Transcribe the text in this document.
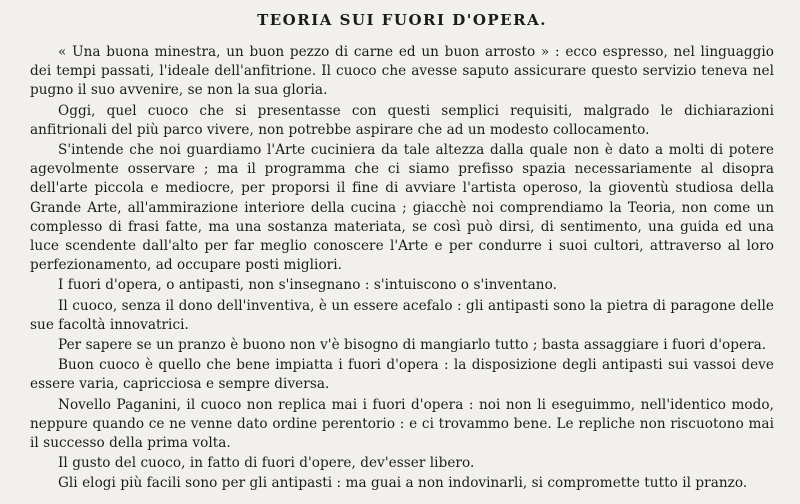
TEORIA SUI FUORI D'OPERA.

« Una buona minestra, un buon pezzo di carne ed un buon arrosto » : ecco espresso, nel linguaggio dei tempi passati, l'ideale dell'anfitrione. Il cuoco che avesse saputo assicurare questo servizio teneva nel pugno il suo avvenire, se non la sua gloria.

Oggi, quel cuoco che si presentasse con questi semplici requisiti, malgrado le dichiarazioni anfitrionali del più parco vivere, non potrebbe aspirare che ad un modesto collocamento.

S'intende che noi guardiamo l'Arte cuciniera da tale altezza dalla quale non è dato a molti di potere agevolmente osservare ; ma il programma che ci siamo prefisso spazia necessariamente al disopra dell'arte piccola e mediocre, per proporsi il fine di avviare l'artista operoso, la gioventù studiosa della Grande Arte, all'ammirazione interiore della cucina ; giacchè noi comprendiamo la Teoria, non come un complesso di frasi fatte, ma una sostanza materiata, se così può dirsi, di sentimento, una guida ed una luce scendente dall'alto per far meglio conoscere l'Arte e per condurre i suoi cultori, attraverso al loro perfezionamento, ad occupare posti migliori.

I fuori d'opera, o antipasti, non s'insegnano : s'intuiscono o s'inventano.

Il cuoco, senza il dono dell'inventiva, è un essere acefalo : gli antipasti sono la pietra di paragone delle sue facoltà innovatrici.

Per sapere se un pranzo è buono non v'è bisogno di mangiarlo tutto ; basta assaggiare i fuori d'opera.

Buon cuoco è quello che bene impiatta i fuori d'opera : la disposizione degli antipasti sui vassoi deve essere varia, capricciosa e sempre diversa.

Novello Paganini, il cuoco non replica mai i fuori d'opera : noi non li eseguimmo, nell'identico modo, neppure quando ce ne venne dato ordine perentorio : e ci trovammo bene. Le repliche non riscuotono mai il successo della prima volta.

Il gusto del cuoco, in fatto di fuori d'opere, dev'esser libero.

Gli elogi più facili sono per gli antipasti : ma guai a non indovinarli, si compromette tutto il pranzo.
